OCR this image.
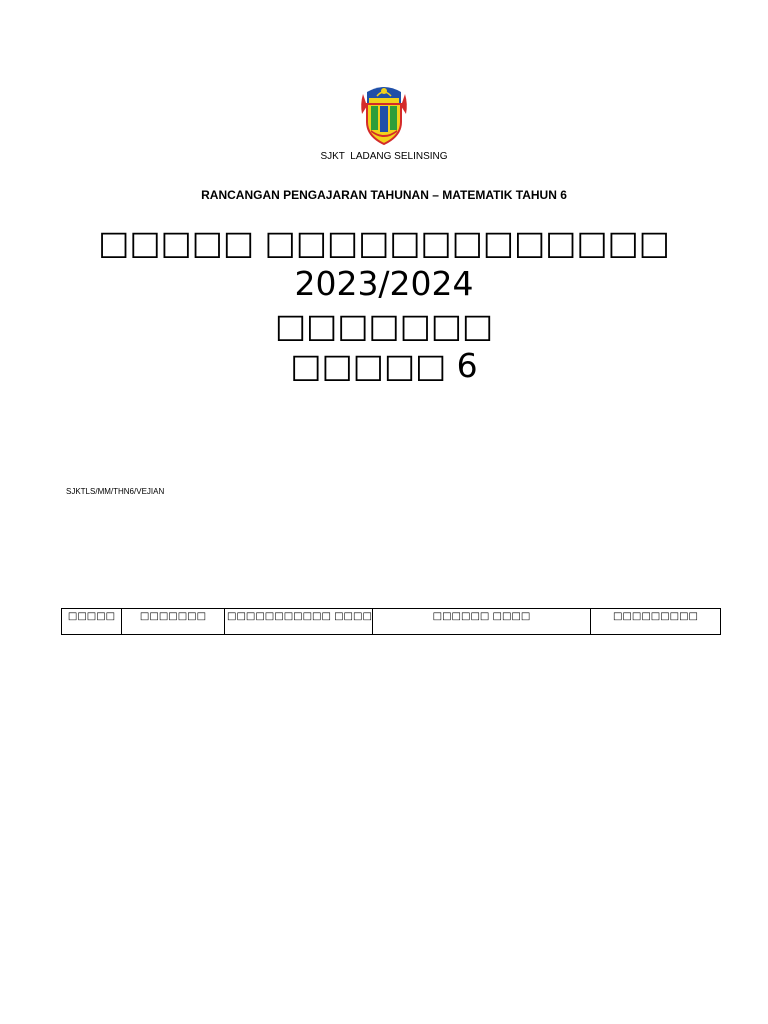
SJKT  LADANG SELINSING
RANCANGAN PENGAJARAN TAHUNAN – MATEMATIK TAHUN 6
□□□□□ □□□□□□□□□□□□□
2023/2024
□□□□□□□
□□□□□ 6
SJKTLS/MM/THN6/VEJIAN
□□□□□	□□□□□□□	□□□□□□□□□□□ □□□□	□□□□□□ □□□□	□□□□□□□□□
